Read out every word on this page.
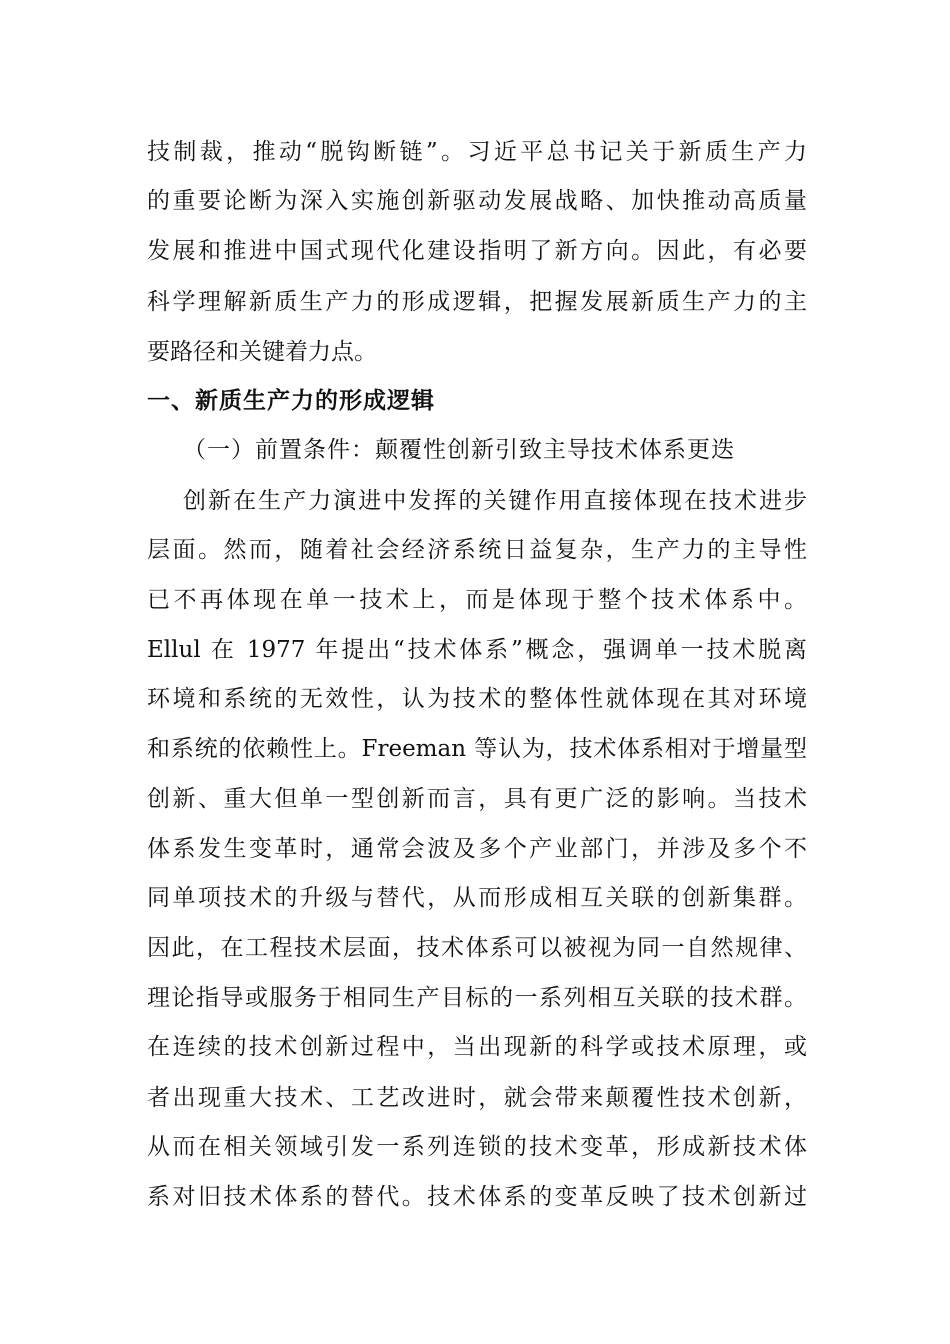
技制裁，推动“脱钩断链”。习近平总书记关于新质生产力
的重要论断为深入实施创新驱动发展战略、加快推动高质量
发展和推进中国式现代化建设指明了新方向。因此，有必要
科学理解新质生产力的形成逻辑，把握发展新质生产力的主
要路径和关键着力点。
一、新质生产力的形成逻辑
（一）前置条件：颠覆性创新引致主导技术体系更迭
创新在生产力演进中发挥的关键作用直接体现在技术进步
层面。然而，随着社会经济系统日益复杂，生产力的主导性
已不再体现在单一技术上，而是体现于整个技术体系中。
Ellul 在 1977 年提出“技术体系”概念，强调单一技术脱离
环境和系统的无效性，认为技术的整体性就体现在其对环境
和系统的依赖性上。Freeman 等认为，技术体系相对于增量型
创新、重大但单一型创新而言，具有更广泛的影响。当技术
体系发生变革时，通常会波及多个产业部门，并涉及多个不
同单项技术的升级与替代，从而形成相互关联的创新集群。
因此，在工程技术层面，技术体系可以被视为同一自然规律、
理论指导或服务于相同生产目标的一系列相互关联的技术群。
在连续的技术创新过程中，当出现新的科学或技术原理，或
者出现重大技术、工艺改进时，就会带来颠覆性技术创新，
从而在相关领域引发一系列连锁的技术变革，形成新技术体
系对旧技术体系的替代。技术体系的变革反映了技术创新过
